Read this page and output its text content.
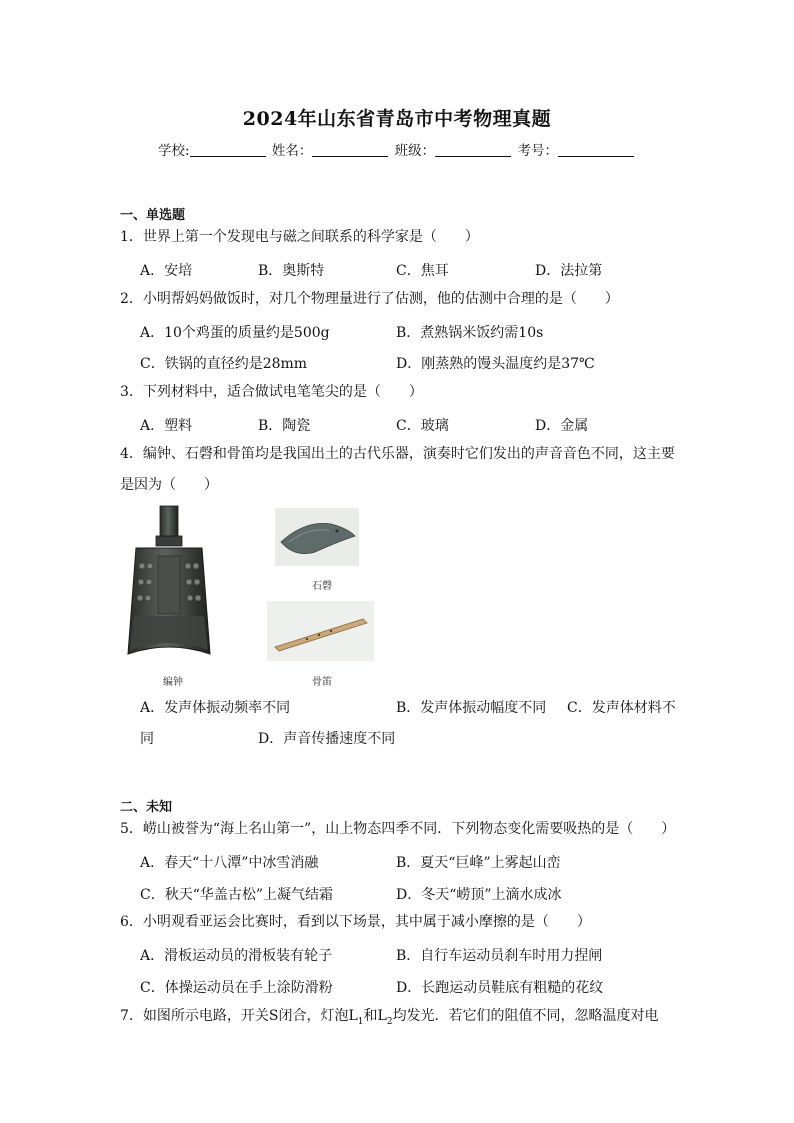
2024年山东省青岛市中考物理真题
学校:	姓名：	班级：	考号：
一、单选题
1．世界上第一个发现电与磁之间联系的科学家是（　　）
A．安培	B．奥斯特	C．焦耳	D．法拉第
2．小明帮妈妈做饭时，对几个物理量进行了估测，他的估测中合理的是（　　）
A．10个鸡蛋的质量约是500g	B．煮熟锅米饭约需10s
C．铁锅的直径约是28mm	D．刚蒸熟的馒头温度约是37℃
3．下列材料中，适合做试电笔笔尖的是（　　）
A．塑料	B．陶瓷	C．玻璃	D．金属
4．编钟、石磬和骨笛均是我国出土的古代乐器，演奏时它们发出的声音音色不同，这主要
是因为（　　）
编钟
石磬
骨笛
A．发声体振动频率不同	B．发声体振动幅度不同 C．发声体材料不
同	D．声音传播速度不同
二、未知
5．崂山被誉为“海上名山第一”，山上物态四季不同．下列物态变化需要吸热的是（　　）
A．春天“十八潭”中冰雪消融	B．夏天“巨峰”上雾起山峦
C．秋天“华盖古松”上凝气结霜	D．冬天“崂顶”上滴水成冰
6．小明观看亚运会比赛时，看到以下场景，其中属于减小摩擦的是（　　）
A．滑板运动员的滑板装有轮子	B．自行车运动员刹车时用力捏闸
C．体操运动员在手上涂防滑粉	D．长跑运动员鞋底有粗糙的花纹
7．如图所示电路，开关S闭合，灯泡$L_1$和$L_2$均发光．若它们的阻值不同，忽略温度对电
